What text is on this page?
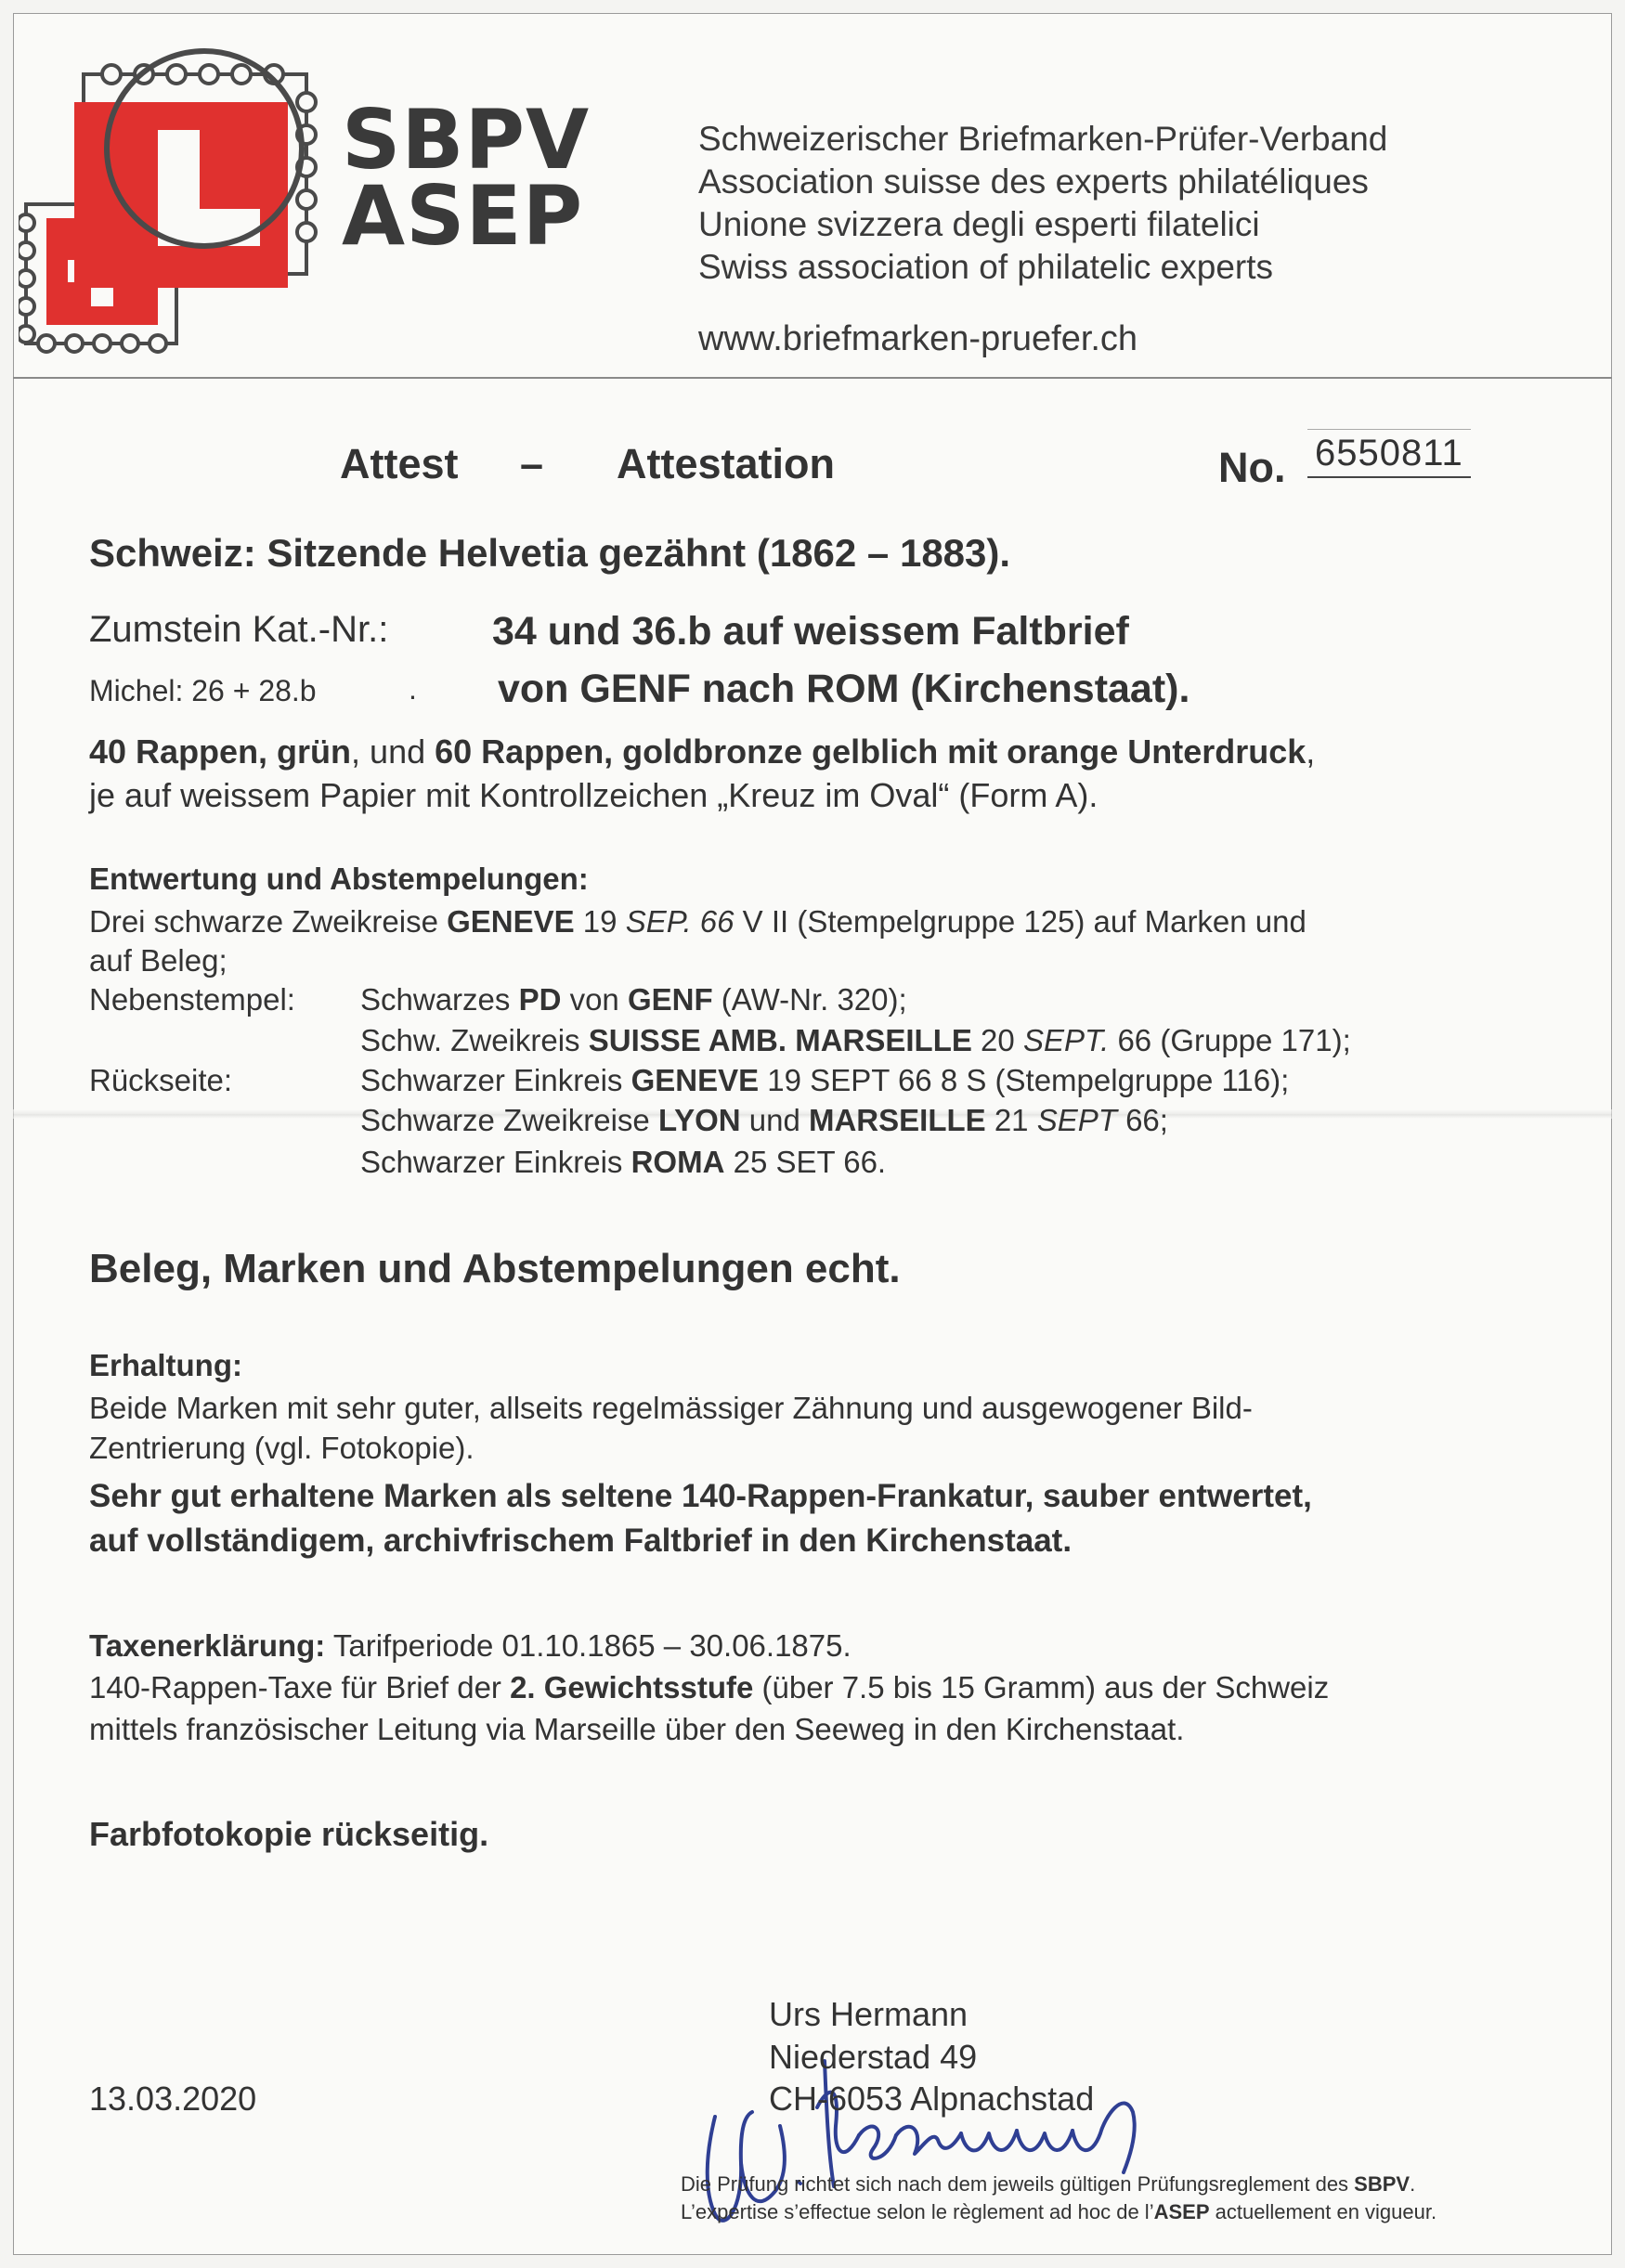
SBPV
ASEP
Schweizerischer Briefmarken-Prüfer-Verband
Association suisse des experts philatéliques
Unione svizzera degli esperti filatelici
Swiss association of philatelic experts
www.briefmarken-pruefer.ch
Attest – Attestation	No. 6550811
Schweiz: Sitzende Helvetia gezähnt (1862 – 1883).
Zumstein Kat.-Nr.:	34 und 36.b auf weissem Faltbrief
Michel: 26 + 28.b	. von GENF nach ROM (Kirchenstaat).
40 Rappen, grün, und 60 Rappen, goldbronze gelblich mit orange Unterdruck,
je auf weissem Papier mit Kontrollzeichen „Kreuz im Oval“ (Form A).
Entwertung und Abstempelungen:
Drei schwarze Zweikreise GENEVE 19 SEP. 66 V II (Stempelgruppe 125) auf Marken und
auf Beleg;
Nebenstempel: Schwarzes PD von GENF (AW-Nr. 320);
Schw. Zweikreis SUISSE AMB. MARSEILLE 20 SEPT. 66 (Gruppe 171);
Rückseite:	Schwarzer Einkreis GENEVE 19 SEPT 66 8 S (Stempelgruppe 116);
Schwarze Zweikreise LYON und MARSEILLE 21 SEPT 66;
Schwarzer Einkreis ROMA 25 SET 66.
Beleg, Marken und Abstempelungen echt.
Erhaltung:
Beide Marken mit sehr guter, allseits regelmässiger Zähnung und ausgewogener Bild-
Zentrierung (vgl. Fotokopie).
Sehr gut erhaltene Marken als seltene 140-Rappen-Frankatur, sauber entwertet,
auf vollständigem, archivfrischem Faltbrief in den Kirchenstaat.
Taxenerklärung: Tarifperiode 01.10.1865 – 30.06.1875.
140-Rappen-Taxe für Brief der 2. Gewichtsstufe (über 7.5 bis 15 Gramm) aus der Schweiz
mittels französischer Leitung via Marseille über den Seeweg in den Kirchenstaat.
Farbfotokopie rückseitig.
Urs Hermann
Niederstad 49
CH-6053 Alpnachstad
13.03.2020
Die Prüfung richtet sich nach dem jeweils gültigen Prüfungsreglement des SBPV.
L’expertise s’effectue selon le règlement ad hoc de l’ASEP actuellement en vigueur.
